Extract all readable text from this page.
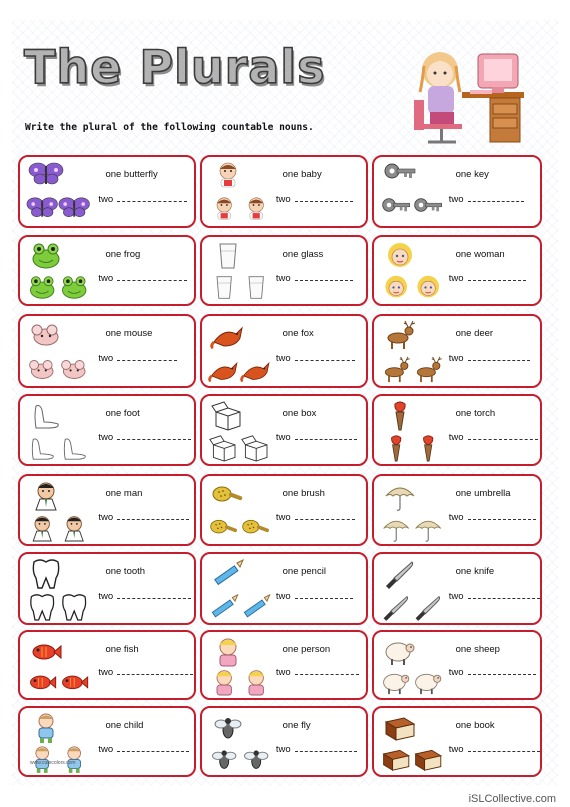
The Plurals
Write the plural of the following countable nouns.
one butterfly
two
one baby
two
one key
two
one frog
two
one glass
two
one woman
two
one mouse
two
one fox
two
one deer
two
one foot
two
one box
two
one torch
two
one man
two
one brush
two
one umbrella
two
one tooth
two
one pencil
two
one knife
two
one fish
two
one person
two
one sheep
two
one child
two
one fly
two
one book
two
www.cutecolors.com
iSLCollective.com
